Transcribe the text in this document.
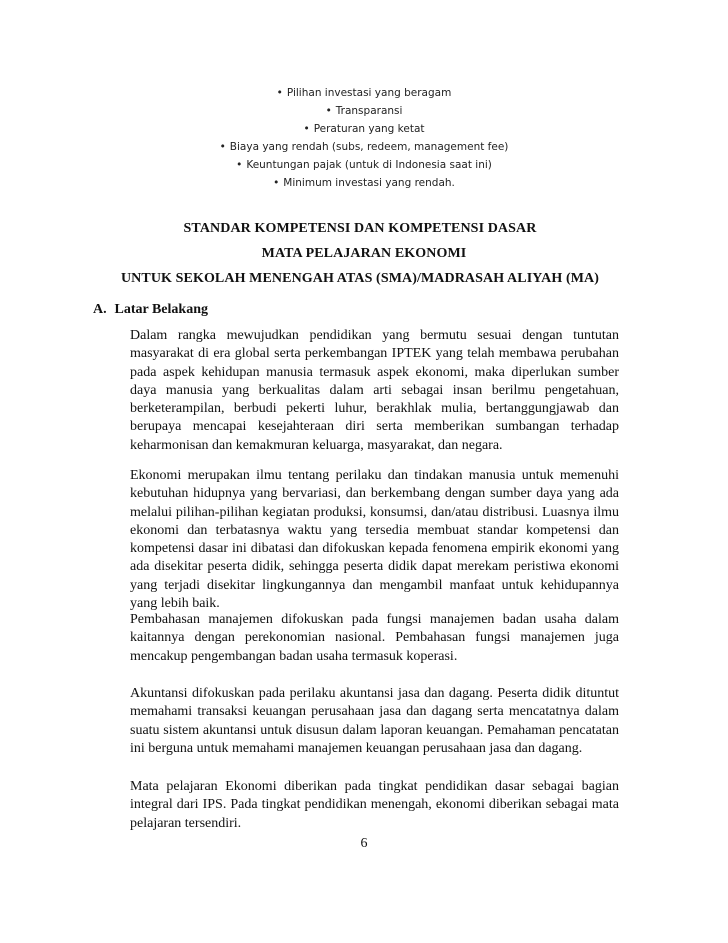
• Pilihan investasi yang beragam
• Transparansi
• Peraturan yang ketat
• Biaya yang rendah (subs, redeem, management fee)
• Keuntungan pajak (untuk di Indonesia saat ini)
• Minimum investasi yang rendah.
STANDAR KOMPETENSI DAN KOMPETENSI DASAR
MATA PELAJARAN EKONOMI
UNTUK SEKOLAH MENENGAH ATAS (SMA)/MADRASAH ALIYAH (MA)
A. Latar Belakang

Dalam rangka mewujudkan pendidikan yang bermutu sesuai dengan tuntutan masyarakat di era global serta perkembangan IPTEK yang telah membawa perubahan pada aspek kehidupan manusia termasuk aspek ekonomi, maka diperlukan sumber daya manusia yang berkualitas dalam arti sebagai insan berilmu pengetahuan, berketerampilan, berbudi pekerti luhur, berakhlak mulia, bertanggungjawab dan berupaya mencapai kesejahteraan diri serta memberikan sumbangan terhadap keharmonisan dan kemakmuran keluarga, masyarakat, dan negara.

Ekonomi merupakan ilmu tentang perilaku dan tindakan manusia untuk memenuhi kebutuhan hidupnya yang bervariasi, dan berkembang dengan sumber daya yang ada melalui pilihan-pilihan kegiatan produksi, konsumsi, dan/atau distribusi. Luasnya ilmu ekonomi dan terbatasnya waktu yang tersedia membuat standar kompetensi dan kompetensi dasar ini dibatasi dan difokuskan kepada fenomena empirik ekonomi yang ada disekitar peserta didik, sehingga peserta didik dapat merekam peristiwa ekonomi yang terjadi disekitar lingkungannya dan mengambil manfaat untuk kehidupannya yang lebih baik.

Pembahasan manajemen difokuskan pada fungsi manajemen badan usaha dalam kaitannya dengan perekonomian nasional. Pembahasan fungsi manajemen juga mencakup pengembangan badan usaha termasuk koperasi.

Akuntansi difokuskan pada perilaku akuntansi jasa dan dagang. Peserta didik dituntut memahami transaksi keuangan perusahaan jasa dan dagang serta mencatatnya dalam suatu sistem akuntansi untuk disusun dalam laporan keuangan. Pemahaman pencatatan ini berguna untuk memahami manajemen keuangan perusahaan jasa dan dagang.

Mata pelajaran Ekonomi diberikan pada tingkat pendidikan dasar sebagai bagian integral dari IPS. Pada tingkat pendidikan menengah, ekonomi diberikan sebagai mata pelajaran tersendiri.

6
